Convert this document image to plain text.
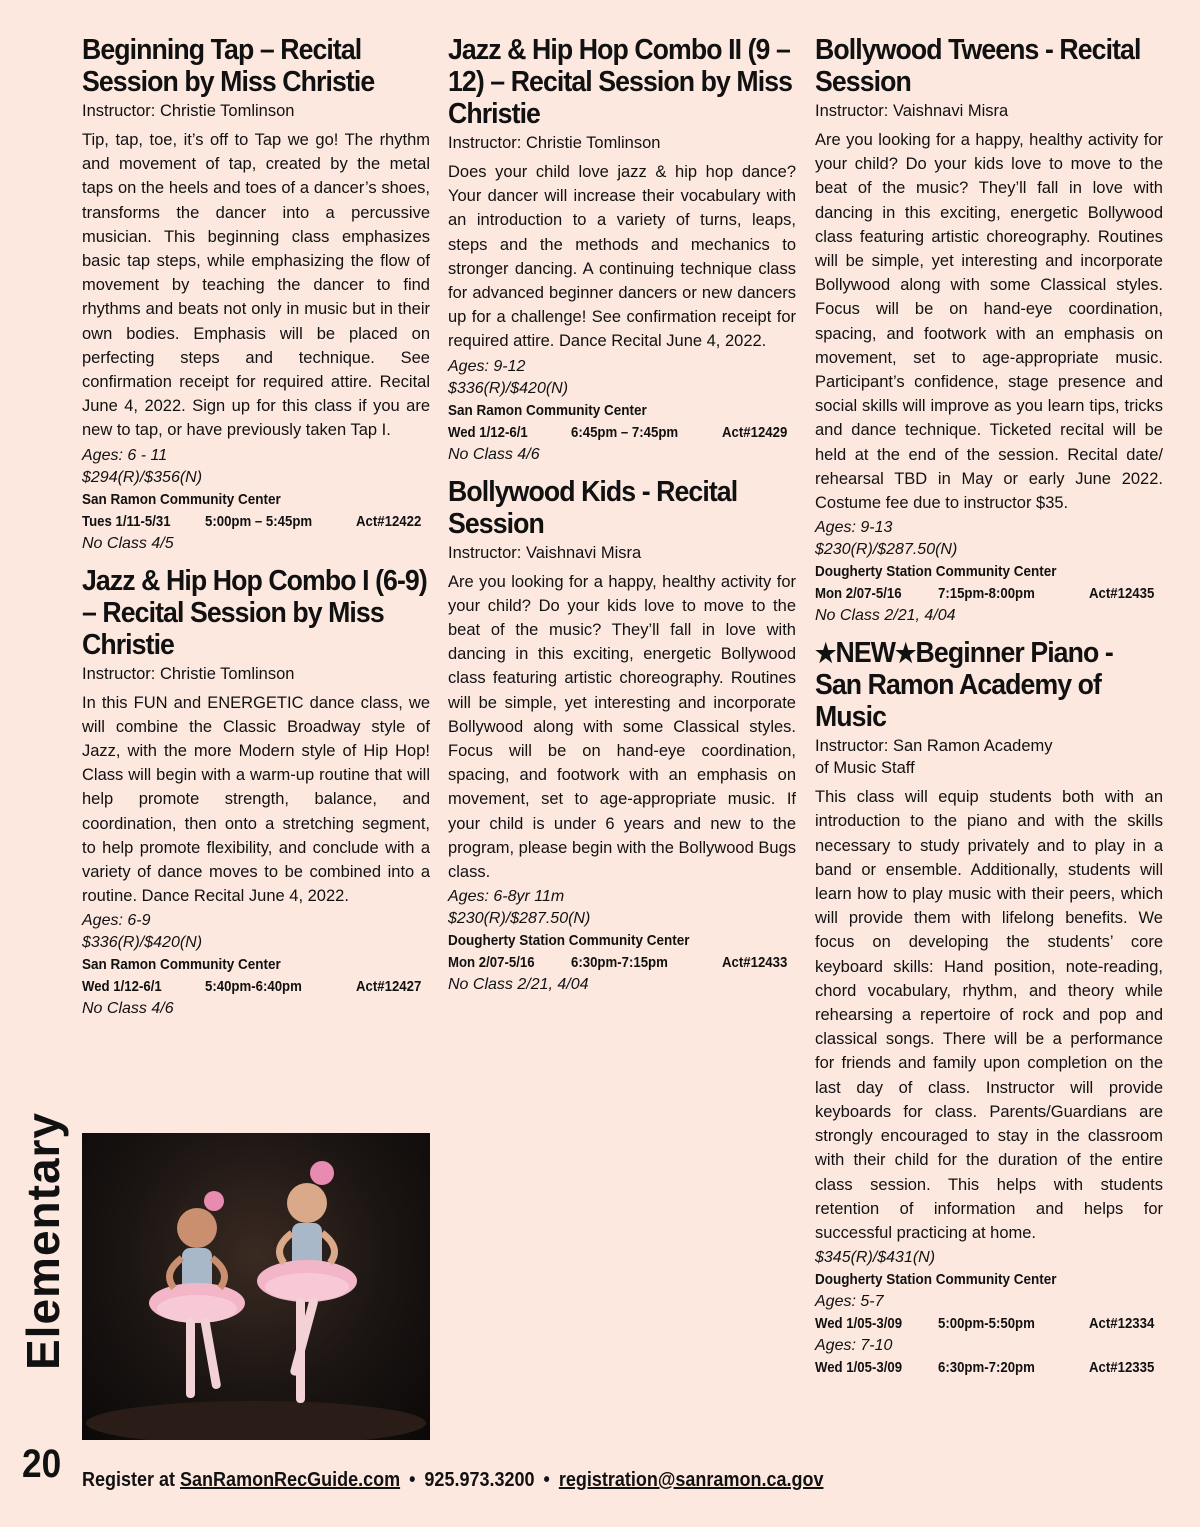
Beginning Tap – Recital Session by Miss Christie
Instructor: Christie Tomlinson

Tip, tap, toe, it’s off to Tap we go! The rhythm and movement of tap, created by the metal taps on the heels and toes of a dancer’s shoes, transforms the dancer into a percussive musician. This beginning class emphasizes basic tap steps, while emphasizing the flow of movement by teaching the dancer to find rhythms and beats not only in music but in their own bodies. Emphasis will be placed on perfecting steps and technique. See confirmation receipt for required attire. Recital June 4, 2022. Sign up for this class if you are new to tap, or have previously taken Tap I.

Ages: 6 - 11
$294(R)/$356(N)
San Ramon Community Center
Tues 1/11-5/31	5:00pm – 5:45pm	Act#12422
No Class 4/5
Jazz & Hip Hop Combo I (6-9) – Recital Session by Miss Christie
Instructor: Christie Tomlinson

In this FUN and ENERGETIC dance class, we will combine the Classic Broadway style of Jazz, with the more Modern style of Hip Hop! Class will begin with a warm-up routine that will help promote strength, balance, and coordination, then onto a stretching segment, to help promote flexibility, and conclude with a variety of dance moves to be combined into a routine. Dance Recital June 4, 2022.

Ages: 6-9
$336(R)/$420(N)
San Ramon Community Center
Wed 1/12-6/1	5:40pm-6:40pm	Act#12427
No Class 4/6
Jazz & Hip Hop Combo II (9 – 12) – Recital Session by Miss Christie
Instructor: Christie Tomlinson

Does your child love jazz & hip hop dance? Your dancer will increase their vocabulary with an introduction to a variety of turns, leaps, steps and the methods and mechanics to stronger dancing. A continuing technique class for advanced beginner dancers or new dancers up for a challenge! See confirmation receipt for required attire. Dance Recital June 4, 2022.

Ages: 9-12
$336(R)/$420(N)
San Ramon Community Center
Wed 1/12-6/1	6:45pm – 7:45pm	Act#12429
No Class 4/6
Bollywood Kids - Recital Session
Instructor: Vaishnavi Misra

Are you looking for a happy, healthy activity for your child? Do your kids love to move to the beat of the music? They’ll fall in love with dancing in this exciting, energetic Bollywood class featuring artistic choreography. Routines will be simple, yet interesting and incorporate Bollywood along with some Classical styles. Focus will be on hand-eye coordination, spacing, and footwork with an emphasis on movement, set to age-appropriate music. If your child is under 6 years and new to the program, please begin with the Bollywood Bugs class.

Ages: 6-8yr 11m
$230(R)/$287.50(N)
Dougherty Station Community Center
Mon 2/07-5/16	6:30pm-7:15pm	Act#12433
No Class 2/21, 4/04
Bollywood Tweens - Recital Session
Instructor: Vaishnavi Misra

Are you looking for a happy, healthy activity for your child? Do your kids love to move to the beat of the music? They’ll fall in love with dancing in this exciting, energetic Bollywood class featuring artistic choreography. Routines will be simple, yet interesting and incorporate Bollywood along with some Classical styles. Focus will be on hand-eye coordination, spacing, and footwork with an emphasis on movement, set to age-appropriate music. Participant’s confidence, stage presence and social skills will improve as you learn tips, tricks and dance technique. Ticketed recital will be held at the end of the session. Recital date/ rehearsal TBD in May or early June 2022. Costume fee due to instructor $35.

Ages: 9-13
$230(R)/$287.50(N)
Dougherty Station Community Center
Mon 2/07-5/16	7:15pm-8:00pm	Act#12435
No Class 2/21, 4/04
★NEW★Beginner Piano - San Ramon Academy of Music
Instructor: San Ramon Academy
of Music Staff

This class will equip students both with an introduction to the piano and with the skills necessary to study privately and to play in a band or ensemble. Additionally, students will learn how to play music with their peers, which will provide them with lifelong benefits. We focus on developing the students’ core keyboard skills: Hand position, note-reading, chord vocabulary, rhythm, and theory while rehearsing a repertoire of rock and pop and classical songs. There will be a performance for friends and family upon completion on the last day of class. Instructor will provide keyboards for class. Parents/Guardians are strongly encouraged to stay in the classroom with their child for the duration of the entire class session. This helps with students retention of information and helps for successful practicing at home.

$345(R)/$431(N)
Dougherty Station Community Center
Ages: 5-7
Wed 1/05-3/09	5:00pm-5:50pm	Act#12334
Ages: 7-10
Wed 1/05-3/09	6:30pm-7:20pm	Act#12335
Elementary
20 Register at SanRamonRecGuide.com • 925.973.3200 • registration@sanramon.ca.gov
